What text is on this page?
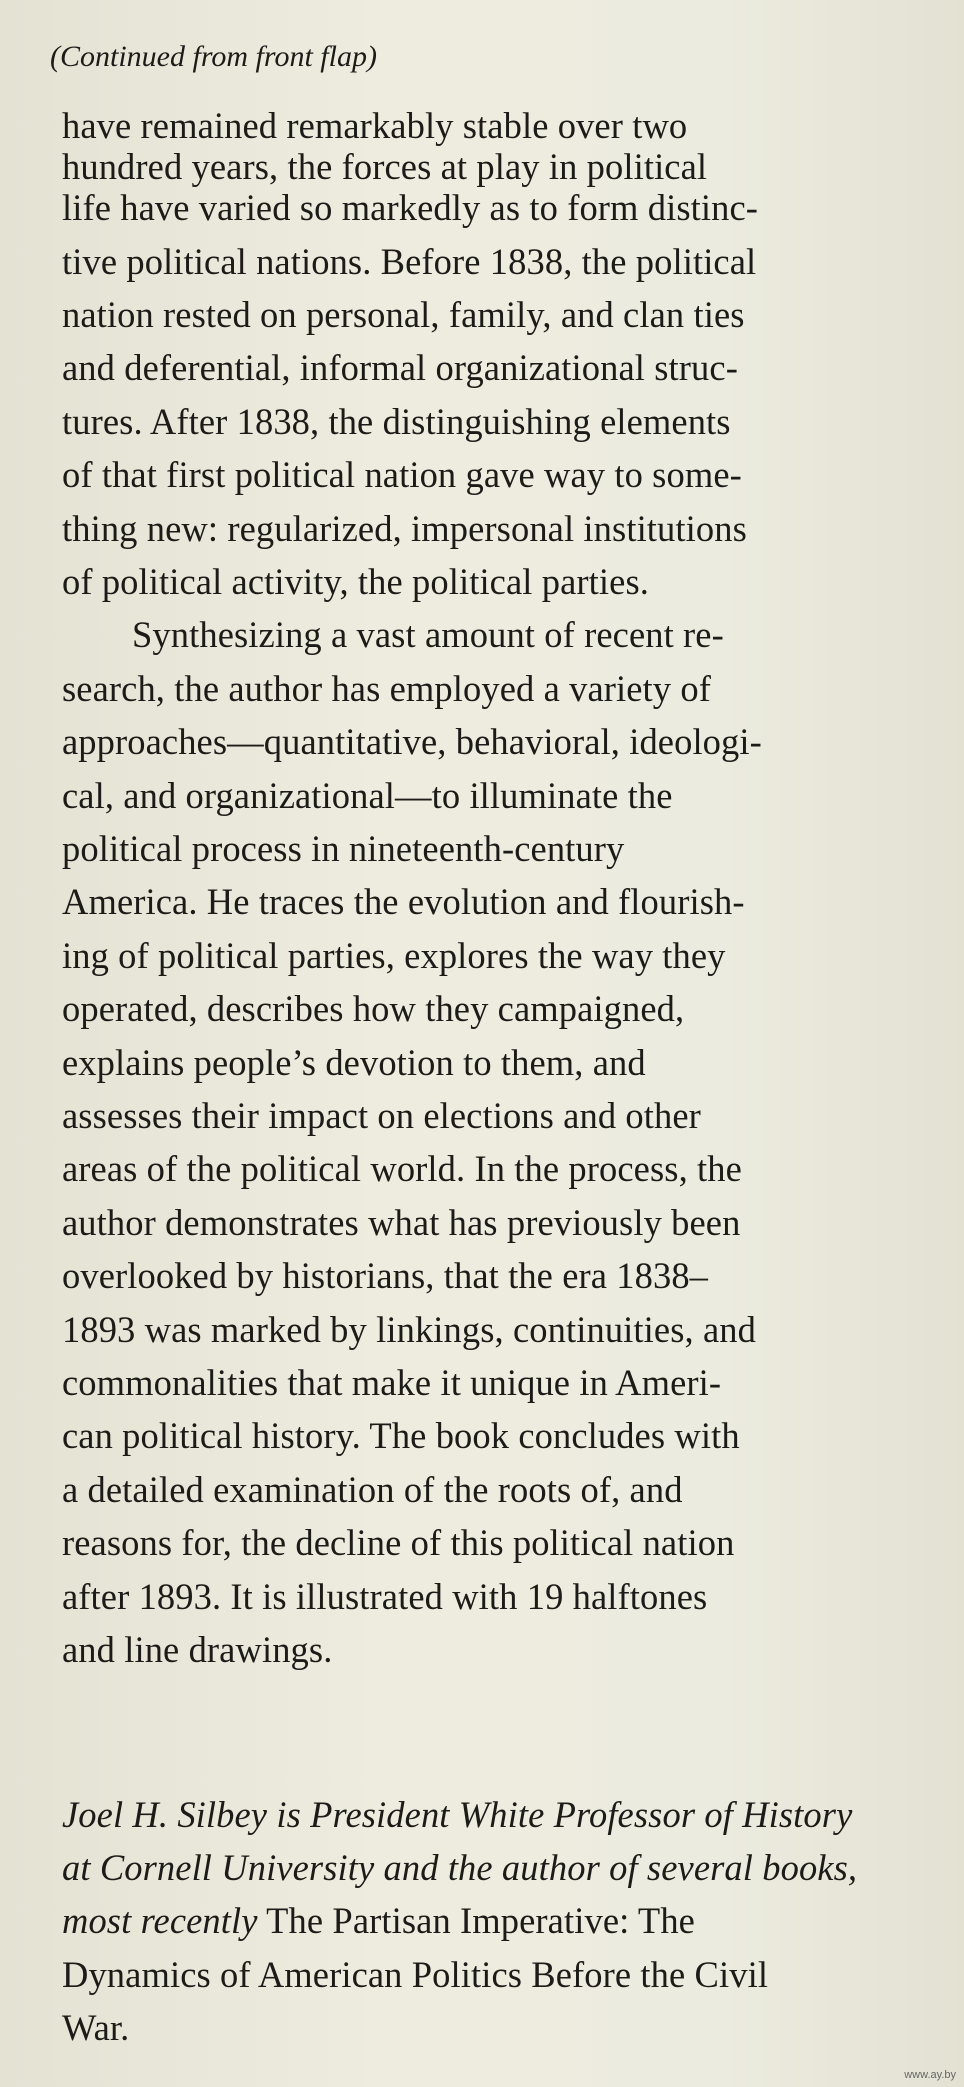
(Continued from front flap)
have remained remarkably stable over two
hundred years, the forces at play in political
life have varied so markedly as to form distinc-
tive political nations. Before 1838, the political
nation rested on personal, family, and clan ties
and deferential, informal organizational struc-
tures. After 1838, the distinguishing elements
of that first political nation gave way to some-
thing new: regularized, impersonal institutions
of political activity, the political parties.
Synthesizing a vast amount of recent re-
search, the author has employed a variety of
approaches—quantitative, behavioral, ideologi-
cal, and organizational—to illuminate the
political process in nineteenth-century
America. He traces the evolution and flourish-
ing of political parties, explores the way they
operated, describes how they campaigned,
explains people’s devotion to them, and
assesses their impact on elections and other
areas of the political world. In the process, the
author demonstrates what has previously been
overlooked by historians, that the era 1838–
1893 was marked by linkings, continuities, and
commonalities that make it unique in Ameri-
can political history. The book concludes with
a detailed examination of the roots of, and
reasons for, the decline of this political nation
after 1893. It is illustrated with 19 halftones
and line drawings.
Joel H. Silbey is President White Professor of History
at Cornell University and the author of several books,
most recently The Partisan Imperative: The
Dynamics of American Politics Before the Civil
War.
www.ay.by
